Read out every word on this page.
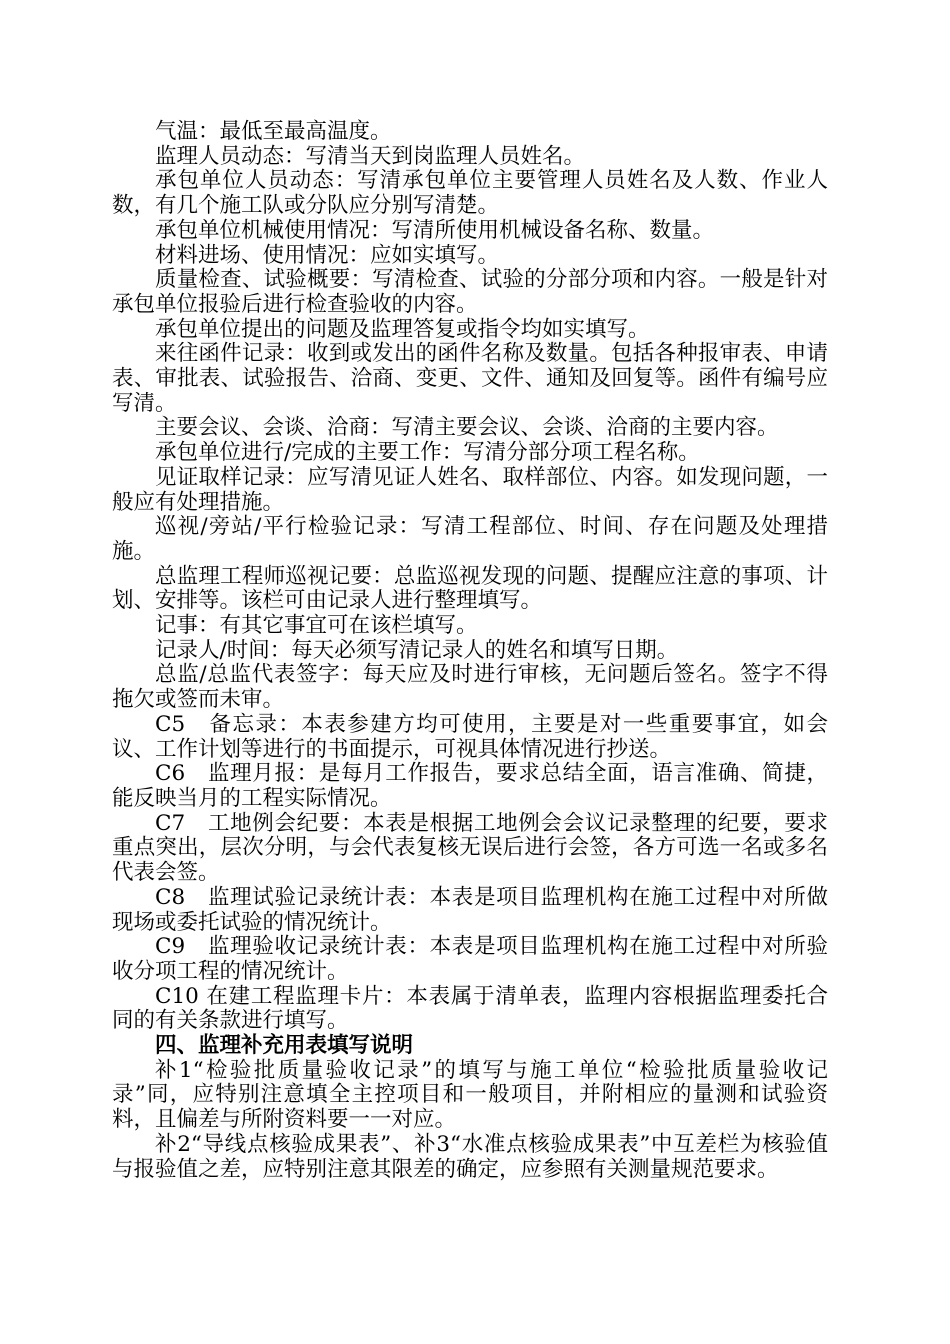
气温：最低至最高温度。

监理人员动态：写清当天到岗监理人员姓名。

承包单位人员动态：写清承包单位主要管理人员姓名及人数、作业人数，有几个施工队或分队应分别写清楚。

承包单位机械使用情况：写清所使用机械设备名称、数量。

材料进场、使用情况：应如实填写。

质量检查、试验概要：写清检查、试验的分部分项和内容。一般是针对承包单位报验后进行检查验收的内容。

承包单位提出的问题及监理答复或指令均如实填写。

来往函件记录：收到或发出的函件名称及数量。包括各种报审表、申请表、审批表、试验报告、洽商、变更、文件、通知及回复等。函件有编号应写清。

主要会议、会谈、洽商：写清主要会议、会谈、洽商的主要内容。

承包单位进行/完成的主要工作：写清分部分项工程名称。

见证取样记录：应写清见证人姓名、取样部位、内容。如发现问题，一般应有处理措施。

巡视/旁站/平行检验记录：写清工程部位、时间、存在问题及处理措施。

总监理工程师巡视记要：总监巡视发现的问题、提醒应注意的事项、计划、安排等。该栏可由记录人进行整理填写。

记事：有其它事宜可在该栏填写。

记录人/时间：每天必须写清记录人的姓名和填写日期。

总监/总监代表签字：每天应及时进行审核，无问题后签名。签字不得拖欠或签而未审。

C5　备忘录：本表参建方均可使用，主要是对一些重要事宜，如会议、工作计划等进行的书面提示，可视具体情况进行抄送。

C6　监理月报：是每月工作报告，要求总结全面，语言准确、简捷，能反映当月的工程实际情况。

C7　工地例会纪要：本表是根据工地例会会议记录整理的纪要，要求重点突出，层次分明，与会代表复核无误后进行会签，各方可选一名或多名代表会签。

C8　监理试验记录统计表：本表是项目监理机构在施工过程中对所做现场或委托试验的情况统计。

C9　监理验收记录统计表：本表是项目监理机构在施工过程中对所验收分项工程的情况统计。

C10 在建工程监理卡片：本表属于清单表，监理内容根据监理委托合同的有关条款进行填写。

四、监理补充用表填写说明

补1“检验批质量验收记录”的填写与施工单位“检验批质量验收记录”同，应特别注意填全主控项目和一般项目，并附相应的量测和试验资料，且偏差与所附资料要一一对应。

补2“导线点核验成果表”、补3“水准点核验成果表”中互差栏为核验值与报验值之差，应特别注意其限差的确定，应参照有关测量规范要求。
